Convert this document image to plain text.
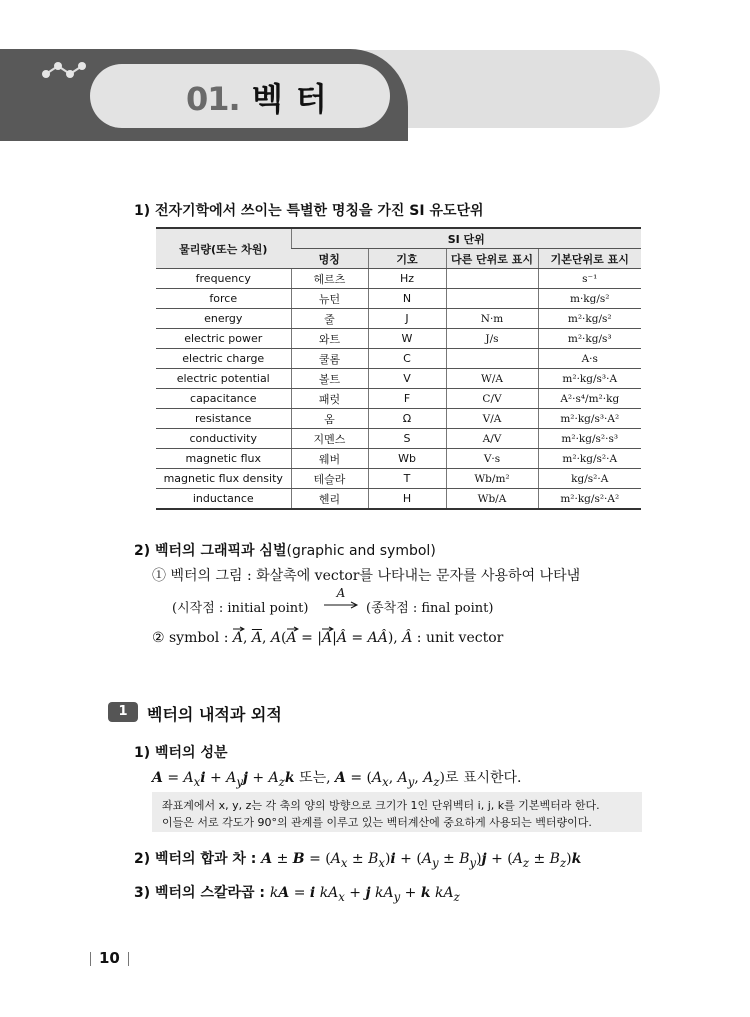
01. 벡 터
1) 전자기학에서 쓰이는 특별한 명칭을 가진 SI 유도단위
물리량(또는 차원)	SI 단위			
	명칭	기호	다른 단위로 표시	기본단위로 표시
frequency	헤르츠	Hz		s⁻¹
force	뉴턴	N		m·kg/s²
energy	줄	J	N·m	m²·kg/s²
electric power	와트	W	J/s	m²·kg/s³
electric charge	쿨롬	C		A·s
electric potential	볼트	V	W/A	m²·kg/s³·A
capacitance	패럿	F	C/V	A²·s⁴/m²·kg
resistance	옴	Ω	V/A	m²·kg/s³·A²
conductivity	지멘스	S	A/V	m²·kg/s²·s³
magnetic flux	웨버	Wb	V·s	m²·kg/s²·A
magnetic flux density	테슬라	T	Wb/m²	kg/s²·A
inductance	헨리	H	Wb/A	m²·kg/s²·A²
2) 벡터의 그래픽과 심벌(graphic and symbol)
① 벡터의 그림 : 화살촉에 vector를 나타내는 문자를 사용하여 나타냄
(시작점 : initial point)
A
(종착점 : final point)
② symbol : A
, $\overline{A}$, A(A
= |A
|Â = AÂ), Â : unit vector
1	벡터의 내적과 외적
1) 벡터의 성분
$A = A_xi + A_yj + A_zk$ 또는, $A = (A_x$, $A_y$, $A_z$)로 표시한다.
좌표계에서 x, y, z는 각 축의 양의 방향으로 크기가 1인 단위벡터 i, j, k를 기본벡터라 한다.
이들은 서로 각도가 90°의 관계를 이루고 있는 벡터계산에 중요하게 사용되는 벡터량이다.
2) 벡터의 합과 차 : $A \pm B = (A_x \pm B_x)i + (A_y \pm B_y)j + (A_z \pm B_z)k$
3) 벡터의 스칼라곱 : kA = i $kA_x + j$ $kA_y + k$ $kA_z$
10
